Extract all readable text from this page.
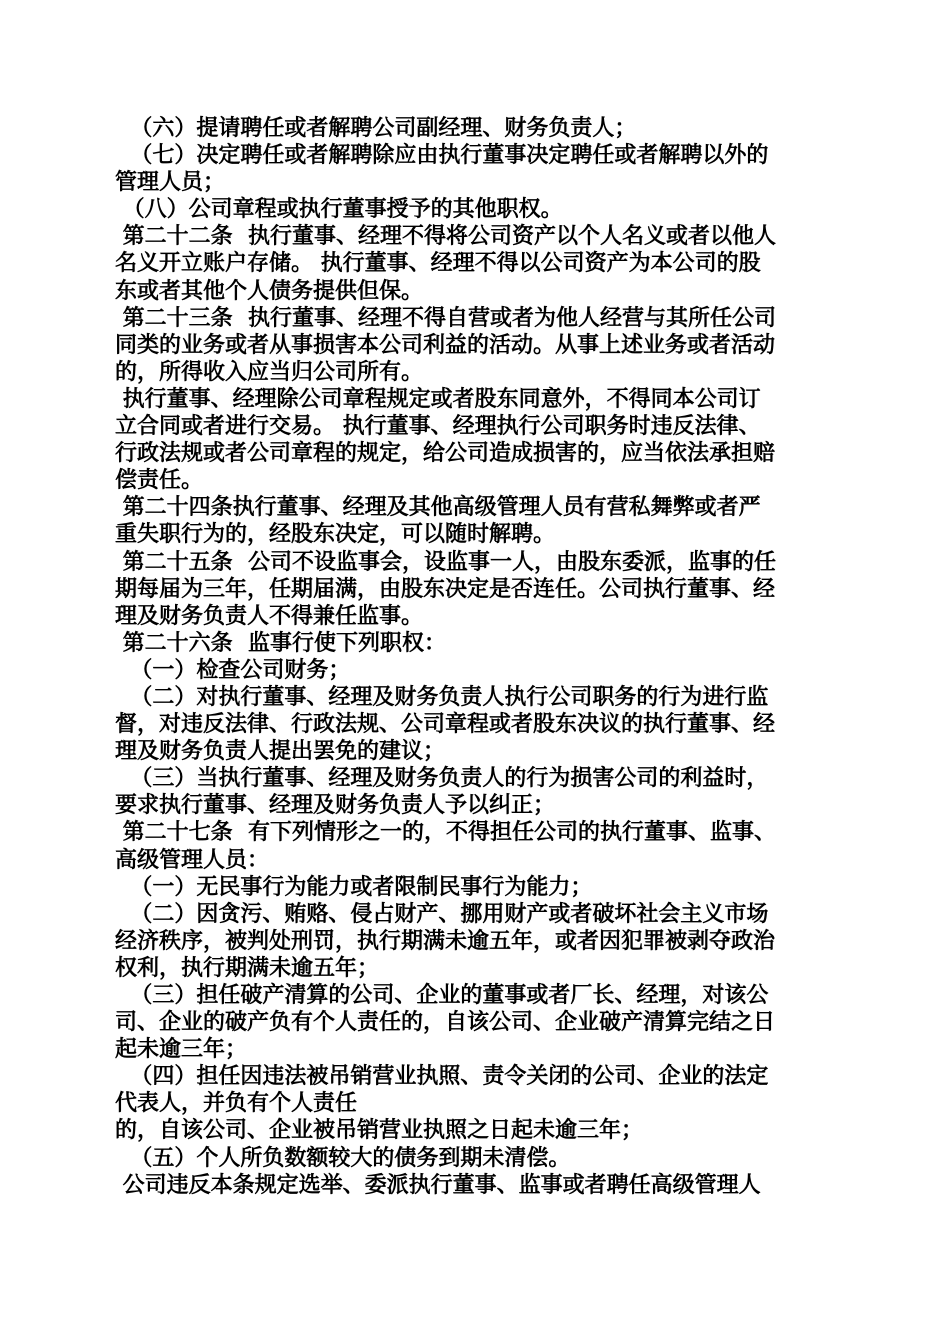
（六）提请聘任或者解聘公司副经理、财务负责人；
（七）决定聘任或者解聘除应由执行董事决定聘任或者解聘以外的
管理人员；
（八）公司章程或执行董事授予的其他职权。
第二十二条  执行董事、经理不得将公司资产以个人名义或者以他人
名义开立账户存储。 执行董事、经理不得以公司资产为本公司的股
东或者其他个人债务提供但保。
第二十三条  执行董事、经理不得自营或者为他人经营与其所任公司
同类的业务或者从事损害本公司利益的活动。从事上述业务或者活动
的，所得收入应当归公司所有。
执行董事、经理除公司章程规定或者股东同意外，不得同本公司订
立合同或者进行交易。 执行董事、经理执行公司职务时违反法律、
行政法规或者公司章程的规定，给公司造成损害的，应当依法承担赔
偿责任。
第二十四条执行董事、经理及其他高级管理人员有营私舞弊或者严
重失职行为的，经股东决定，可以随时解聘。
第二十五条  公司不设监事会，设监事一人，由股东委派，监事的任
期每届为三年，任期届满，由股东决定是否连任。公司执行董事、经
理及财务负责人不得兼任监事。
第二十六条  监事行使下列职权：
（一）检查公司财务；
（二）对执行董事、经理及财务负责人执行公司职务的行为进行监
督，对违反法律、行政法规、公司章程或者股东决议的执行董事、经
理及财务负责人提出罢免的建议；
（三）当执行董事、经理及财务负责人的行为损害公司的利益时，
要求执行董事、经理及财务负责人予以纠正；
第二十七条  有下列情形之一的，不得担任公司的执行董事、监事、
高级管理人员：
（一）无民事行为能力或者限制民事行为能力；
（二）因贪污、贿赂、侵占财产、挪用财产或者破坏社会主义市场
经济秩序，被判处刑罚，执行期满未逾五年，或者因犯罪被剥夺政治
权利，执行期满未逾五年；
（三）担任破产清算的公司、企业的董事或者厂长、经理，对该公
司、企业的破产负有个人责任的，自该公司、企业破产清算完结之日
起未逾三年；
（四）担任因违法被吊销营业执照、责令关闭的公司、企业的法定
代表人，并负有个人责任
的，自该公司、企业被吊销营业执照之日起未逾三年；
（五）个人所负数额较大的债务到期未清偿。
公司违反本条规定选举、委派执行董事、监事或者聘任高级管理人
